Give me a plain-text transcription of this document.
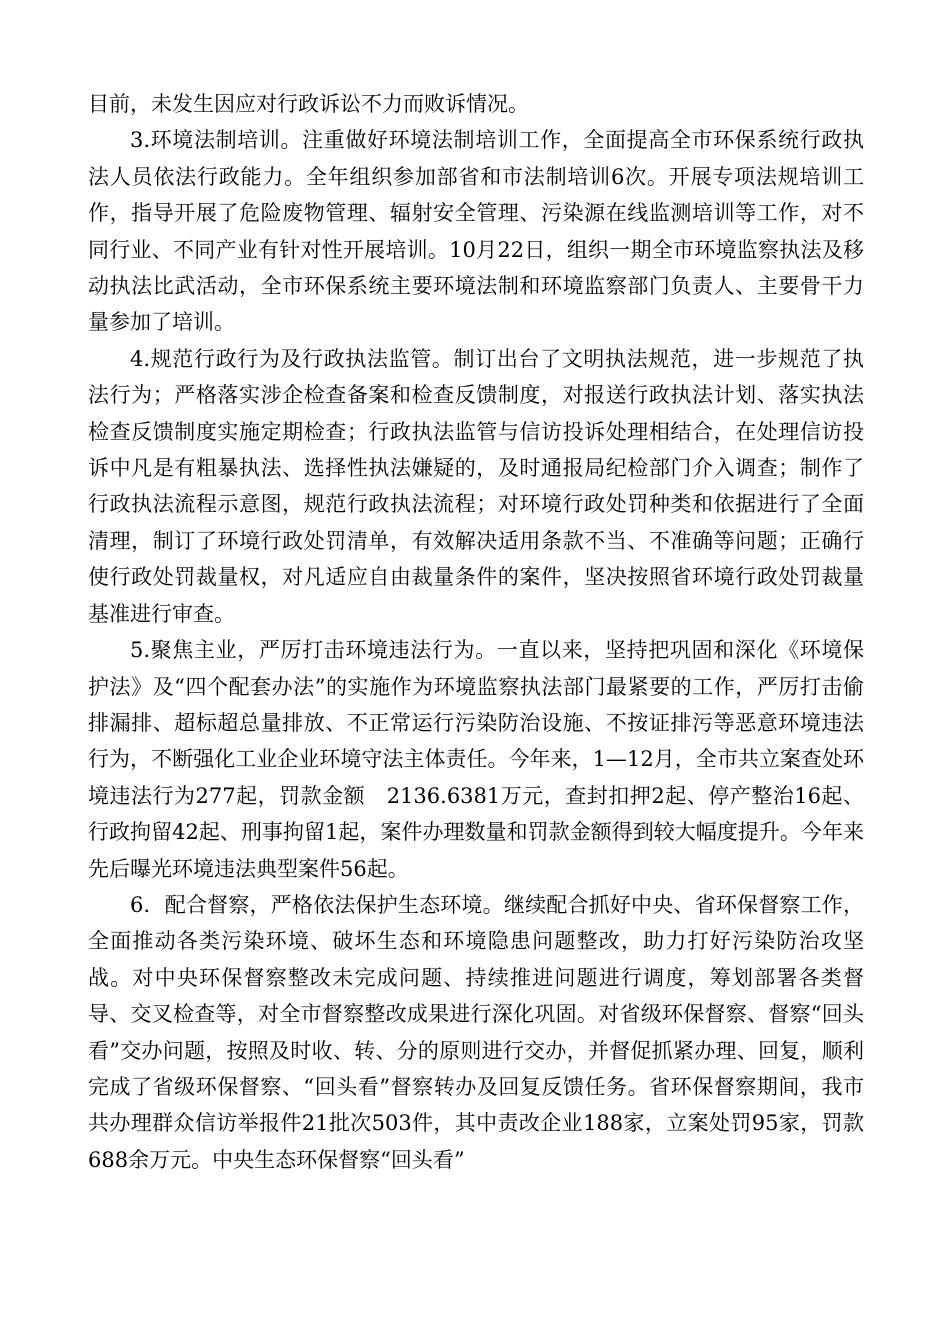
目前，未发生因应对行政诉讼不力而败诉情况。

3.环境法制培训。注重做好环境法制培训工作，全面提高全市环保系统行政执法人员依法行政能力。全年组织参加部省和市法制培训6次。开展专项法规培训工作，指导开展了危险废物管理、辐射安全管理、污染源在线监测培训等工作，对不同行业、不同产业有针对性开展培训。10月22日，组织一期全市环境监察执法及移动执法比武活动，全市环保系统主要环境法制和环境监察部门负责人、主要骨干力量参加了培训。

4.规范行政行为及行政执法监管。制订出台了文明执法规范，进一步规范了执法行为；严格落实涉企检查备案和检查反馈制度，对报送行政执法计划、落实执法检查反馈制度实施定期检查；行政执法监管与信访投诉处理相结合，在处理信访投诉中凡是有粗暴执法、选择性执法嫌疑的，及时通报局纪检部门介入调查；制作了行政执法流程示意图，规范行政执法流程；对环境行政处罚种类和依据进行了全面清理，制订了环境行政处罚清单，有效解决适用条款不当、不准确等问题；正确行使行政处罚裁量权，对凡适应自由裁量条件的案件，坚决按照省环境行政处罚裁量基准进行审查。

5.聚焦主业，严厉打击环境违法行为。一直以来，坚持把巩固和深化《环境保护法》及“四个配套办法”的实施作为环境监察执法部门最紧要的工作，严厉打击偷排漏排、超标超总量排放、不正常运行污染防治设施、不按证排污等恶意环境违法行为，不断强化工业企业环境守法主体责任。今年来，1—12月，全市共立案查处环境违法行为277起，罚款金额　2136.6381万元，查封扣押2起、停产整治16起、行政拘留42起、刑事拘留1起，案件办理数量和罚款金额得到较大幅度提升。今年来先后曝光环境违法典型案件56起。

6．配合督察，严格依法保护生态环境。继续配合抓好中央、省环保督察工作，全面推动各类污染环境、破坏生态和环境隐患问题整改，助力打好污染防治攻坚战。对中央环保督察整改未完成问题、持续推进问题进行调度，筹划部署各类督导、交叉检查等，对全市督察整改成果进行深化巩固。对省级环保督察、督察“回头看”交办问题，按照及时收、转、分的原则进行交办，并督促抓紧办理、回复，顺利完成了省级环保督察、“回头看”督察转办及回复反馈任务。省环保督察期间，我市共办理群众信访举报件21批次503件，其中责改企业188家，立案处罚95家，罚款688余万元。中央生态环保督察“回头看”
